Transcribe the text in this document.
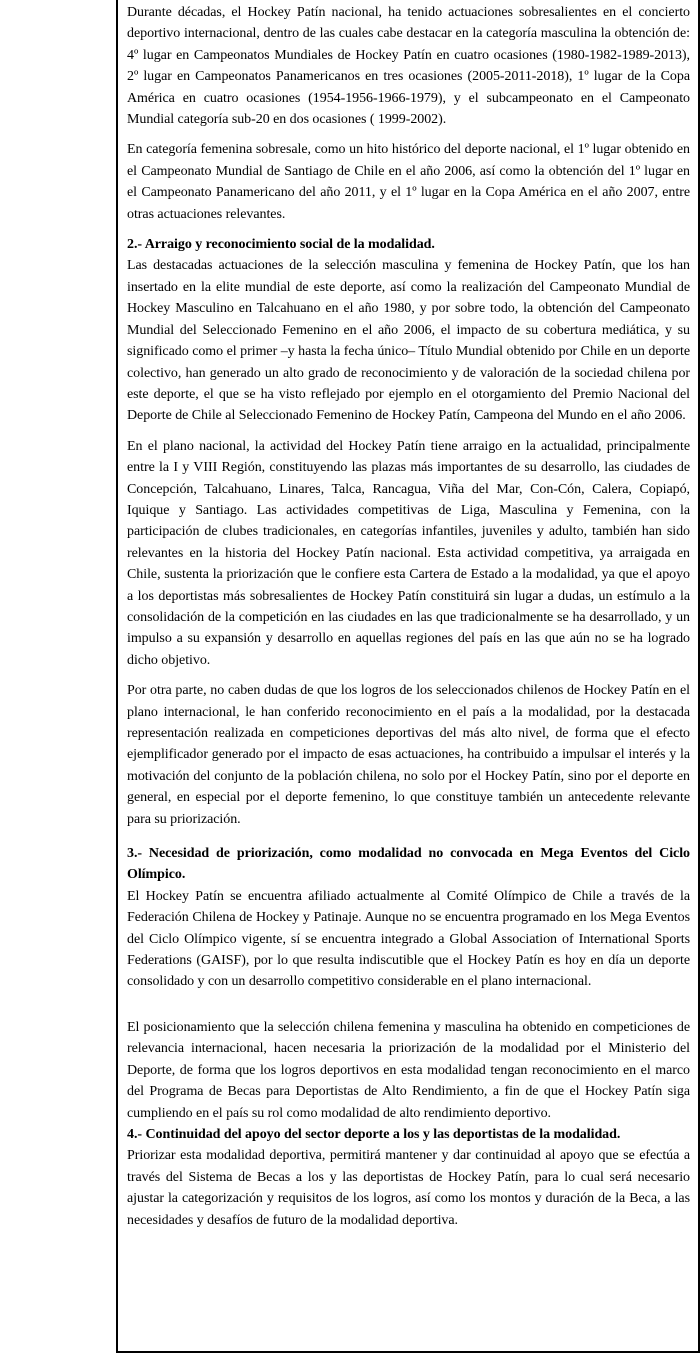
Durante décadas, el Hockey Patín nacional, ha tenido actuaciones sobresalientes en el concierto deportivo internacional, dentro de las cuales cabe destacar en la categoría masculina la obtención de: 4º lugar en Campeonatos Mundiales de Hockey Patín en cuatro ocasiones (1980-1982-1989-2013), 2º lugar en Campeonatos Panamericanos en tres ocasiones (2005-2011-2018), 1º lugar de la Copa América en cuatro ocasiones (1954-1956-1966-1979), y el subcampeonato en el Campeonato Mundial categoría sub-20 en dos ocasiones ( 1999-2002).
En categoría femenina sobresale, como un hito histórico del deporte nacional, el 1º lugar obtenido en el Campeonato Mundial de Santiago de Chile en el año 2006, así como la obtención del 1º lugar en el Campeonato Panamericano del año 2011, y el 1º lugar en la Copa América en el año 2007, entre otras actuaciones relevantes.
2.- Arraigo y reconocimiento social de la modalidad.
Las destacadas actuaciones de la selección masculina y femenina de Hockey Patín, que los han insertado en la elite mundial de este deporte, así como la realización del Campeonato Mundial de Hockey Masculino en Talcahuano en el año 1980, y por sobre todo, la obtención del Campeonato Mundial del Seleccionado Femenino en el año 2006, el impacto de su cobertura mediática, y su significado como el primer –y hasta la fecha único– Título Mundial obtenido por Chile en un deporte colectivo, han generado un alto grado de reconocimiento y de valoración de la sociedad chilena por este deporte, el que se ha visto reflejado por ejemplo en el otorgamiento del Premio Nacional del Deporte de Chile al Seleccionado Femenino de Hockey Patín, Campeona del Mundo en el año 2006.
En el plano nacional, la actividad del Hockey Patín tiene arraigo en la actualidad, principalmente entre la I y VIII Región, constituyendo las plazas más importantes de su desarrollo, las ciudades de Concepción, Talcahuano, Linares, Talca, Rancagua, Viña del Mar, Con-Cón, Calera, Copiapó, Iquique y Santiago. Las actividades competitivas de Liga, Masculina y Femenina, con la participación de clubes tradicionales, en categorías infantiles, juveniles y adulto, también han sido relevantes en la historia del Hockey Patín nacional. Esta actividad competitiva, ya arraigada en Chile, sustenta la priorización que le confiere esta Cartera de Estado a la modalidad, ya que el apoyo a los deportistas más sobresalientes de Hockey Patín constituirá sin lugar a dudas, un estímulo a la consolidación de la competición en las ciudades en las que tradicionalmente se ha desarrollado, y un impulso a su expansión y desarrollo en aquellas regiones del país en las que aún no se ha logrado dicho objetivo.
Por otra parte, no caben dudas de que los logros de los seleccionados chilenos de Hockey Patín en el plano internacional, le han conferido reconocimiento en el país a la modalidad, por la destacada representación realizada en competiciones deportivas del más alto nivel, de forma que el efecto ejemplificador generado por el impacto de esas actuaciones, ha contribuido a impulsar el interés y la motivación del conjunto de la población chilena, no solo por el Hockey Patín, sino por el deporte en general, en especial por el deporte femenino, lo que constituye también un antecedente relevante para su priorización.
3.- Necesidad de priorización, como modalidad no convocada en Mega Eventos del Ciclo Olímpico.
El Hockey Patín se encuentra afiliado actualmente al Comité Olímpico de Chile a través de la Federación Chilena de Hockey y Patinaje. Aunque no se encuentra programado en los Mega Eventos del Ciclo Olímpico vigente, sí se encuentra integrado a Global Association of International Sports Federations (GAISF), por lo que resulta indiscutible que el Hockey Patín es hoy en día un deporte consolidado y con un desarrollo competitivo considerable en el plano internacional.
El posicionamiento que la selección chilena femenina y masculina ha obtenido en competiciones de relevancia internacional, hacen necesaria la priorización de la modalidad por el Ministerio del Deporte, de forma que los logros deportivos en esta modalidad tengan reconocimiento en el marco del Programa de Becas para Deportistas de Alto Rendimiento, a fin de que el Hockey Patín siga cumpliendo en el país su rol como modalidad de alto rendimiento deportivo.
4.- Continuidad del apoyo del sector deporte a los y las deportistas de la modalidad.
Priorizar esta modalidad deportiva, permitirá mantener y dar continuidad al apoyo que se efectúa a través del Sistema de Becas a los y las deportistas de Hockey Patín, para lo cual será necesario ajustar la categorización y requisitos de los logros, así como los montos y duración de la Beca, a las necesidades y desafíos de futuro de la modalidad deportiva.
